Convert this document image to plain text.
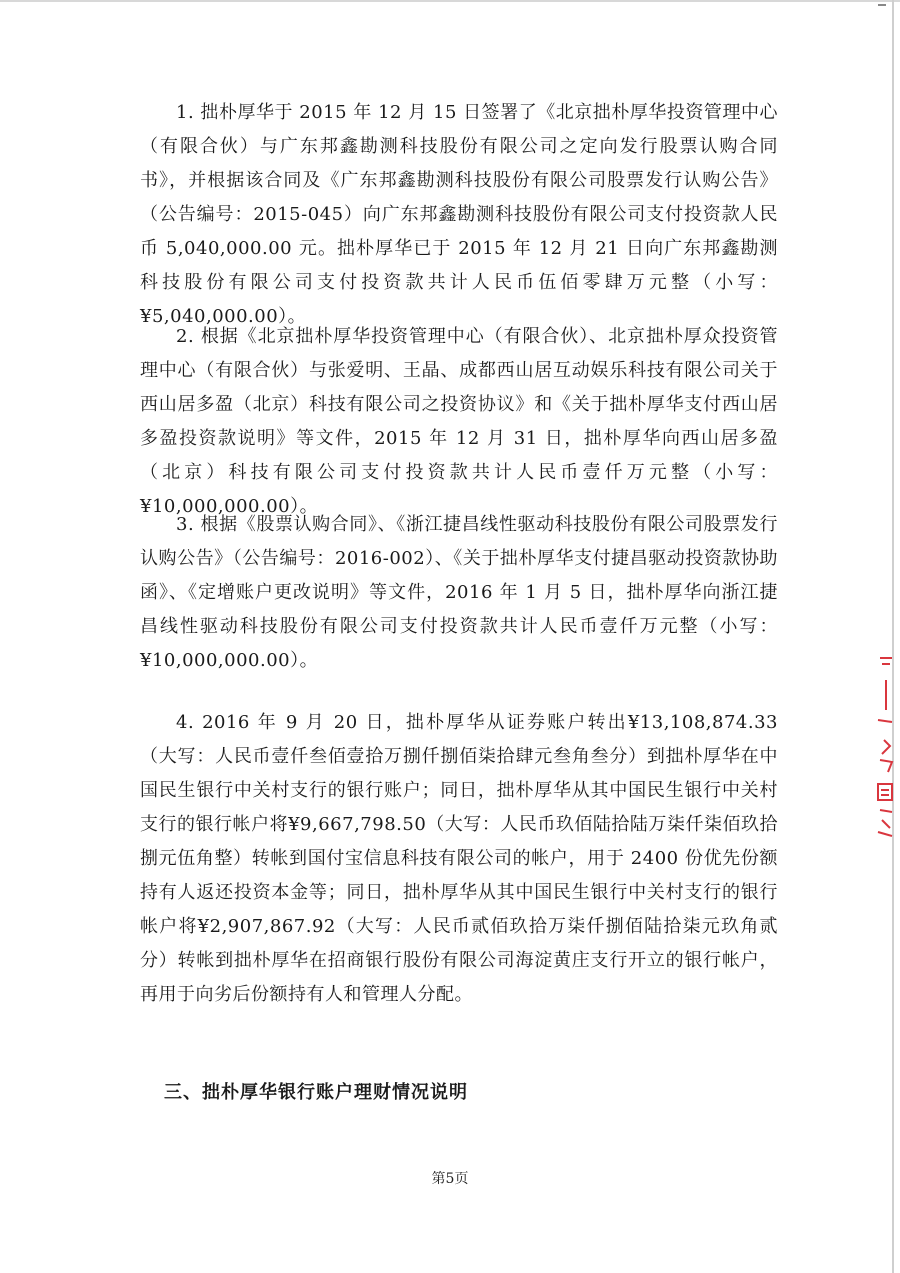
1. 拙朴厚华于 2015 年 12 月 15 日签署了《北京拙朴厚华投资管理中心（有限合伙）与广东邦鑫勘测科技股份有限公司之定向发行股票认购合同书》，并根据该合同及《广东邦鑫勘测科技股份有限公司股票发行认购公告》（公告编号：2015-045）向广东邦鑫勘测科技股份有限公司支付投资款人民币 5,040,000.00 元。拙朴厚华已于 2015 年 12 月 21 日向广东邦鑫勘测科技股份有限公司支付投资款共计人民币伍佰零肆万元整（小写：¥5,040,000.00）。

2. 根据《北京拙朴厚华投资管理中心（有限合伙）、北京拙朴厚众投资管理中心（有限合伙）与张爱明、王晶、成都西山居互动娱乐科技有限公司关于西山居多盈（北京）科技有限公司之投资协议》和《关于拙朴厚华支付西山居多盈投资款说明》等文件，2015 年 12 月 31 日，拙朴厚华向西山居多盈（北京）科技有限公司支付投资款共计人民币壹仟万元整（小写：¥10,000,000.00）。

3. 根据《股票认购合同》、《浙江捷昌线性驱动科技股份有限公司股票发行认购公告》（公告编号：2016-002）、《关于拙朴厚华支付捷昌驱动投资款协助函》、《定增账户更改说明》等文件，2016 年 1 月 5 日，拙朴厚华向浙江捷昌线性驱动科技股份有限公司支付投资款共计人民币壹仟万元整（小写：¥10,000,000.00）。

4. 2016 年 9 月 20 日，拙朴厚华从证券账户转出¥13,108,874.33（大写：人民币壹仟叁佰壹拾万捌仟捌佰柒拾肆元叁角叁分）到拙朴厚华在中国民生银行中关村支行的银行账户；同日，拙朴厚华从其中国民生银行中关村支行的银行帐户将¥9,667,798.50（大写：人民币玖佰陆拾陆万柒仟柒佰玖拾捌元伍角整）转帐到国付宝信息科技有限公司的帐户，用于 2400 份优先份额持有人返还投资本金等；同日，拙朴厚华从其中国民生银行中关村支行的银行帐户将¥2,907,867.92（大写：人民币贰佰玖拾万柒仟捌佰陆拾柒元玖角贰分）转帐到拙朴厚华在招商银行股份有限公司海淀黄庄支行开立的银行帐户，再用于向劣后份额持有人和管理人分配。

三、拙朴厚华银行账户理财情况说明
第5页
